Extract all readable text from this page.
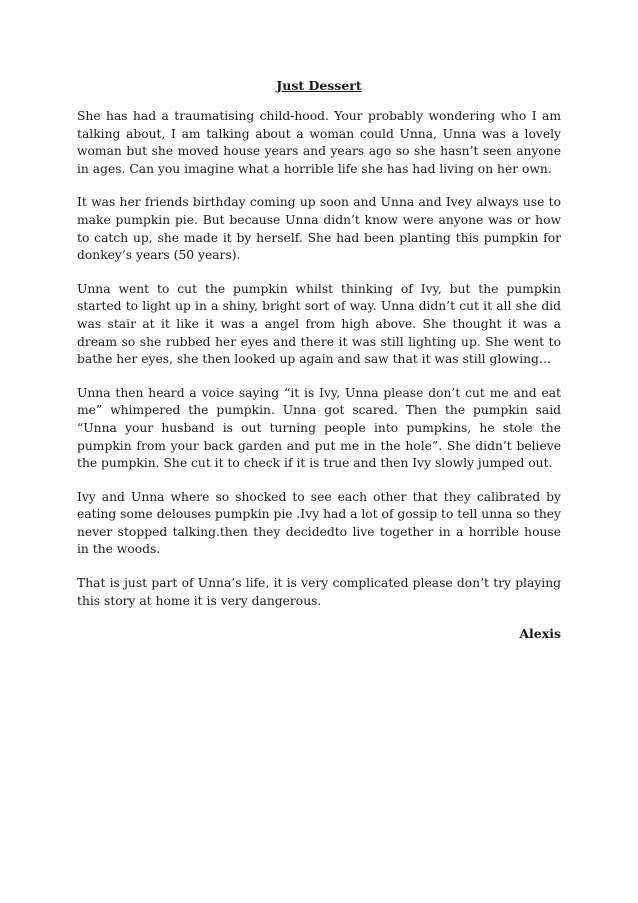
Just Dessert

She has had a traumatising child-hood. Your probably wondering who I am talking about, I am talking about a woman could Unna, Unna was a lovely woman but she moved house years and years ago so she hasn’t seen anyone in ages. Can you imagine what a horrible life she has had living on her own.

It was her friends birthday coming up soon and Unna and Ivey always use to make pumpkin pie. But because Unna didn’t know were anyone was or how to catch up, she made it by herself. She had been planting this pumpkin for donkey’s years (50 years).

Unna went to cut the pumpkin whilst thinking of Ivy, but the pumpkin started to light up in a shiny, bright sort of way. Unna didn’t cut it all she did was stair at it like it was a angel from high above. She thought it was a dream so she rubbed her eyes and there it was still lighting up. She went to bathe her eyes, she then looked up again and saw that it was still glowing…

Unna then heard a voice saying “it is Ivy, Unna please don’t cut me and eat me” whimpered the pumpkin. Unna got scared. Then the pumpkin said “Unna your husband is out turning people into pumpkins, he stole the pumpkin from your back garden and put me in the hole”. She didn’t believe the pumpkin. She cut it to check if it is true and then Ivy slowly jumped out.

Ivy and Unna where so shocked to see each other that they calibrated by eating some delouses pumpkin pie .Ivy had a lot of gossip to tell unna so they never stopped talking.then they decidedto live together in a horrible house in the woods.

That is just part of Unna’s life, it is very complicated please don’t try playing this story at home it is very dangerous.

Alexis
